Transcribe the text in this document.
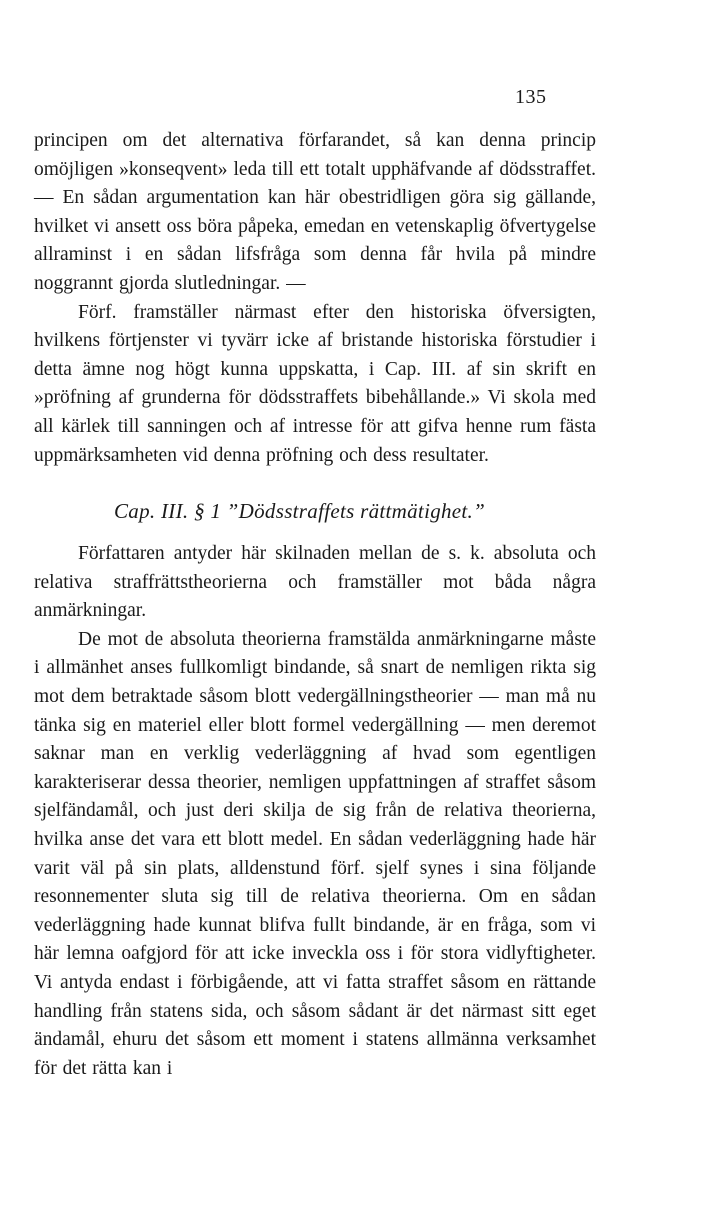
135

principen om det alternativa förfarandet, så kan denna princip omöjligen »konseqvent» leda till ett totalt upphäfvande af dödsstraffet. — En sådan argumentation kan här obestridligen göra sig gällande, hvilket vi ansett oss böra påpeka, emedan en vetenskaplig öfvertygelse allraminst i en sådan lifsfråga som denna får hvila på mindre noggrannt gjorda slutledningar. —

Förf. framställer närmast efter den historiska öfversigten, hvilkens förtjenster vi tyvärr icke af bristande historiska förstudier i detta ämne nog högt kunna uppskatta, i Cap. III. af sin skrift en »pröfning af grunderna för dödsstraffets bibehållande.» Vi skola med all kärlek till sanningen och af intresse för att gifva henne rum fästa uppmärksamheten vid denna pröfning och dess resultater.

Cap. III. § 1 ”Dödsstraffets rättmätighet.”

Författaren antyder här skilnaden mellan de s. k. absoluta och relativa straffrättstheorierna och framställer mot båda några anmärkningar.

De mot de absoluta theorierna framstälda anmärkningarne måste i allmänhet anses fullkomligt bindande, så snart de nemligen rikta sig mot dem betraktade såsom blott vedergällningstheorier — man må nu tänka sig en materiel eller blott formel vedergällning — men deremot saknar man en verklig vederläggning af hvad som egentligen karakteriserar dessa theorier, nemligen uppfattningen af straffet såsom sjelfändamål, och just deri skilja de sig från de relativa theorierna, hvilka anse det vara ett blott medel. En sådan vederläggning hade här varit väl på sin plats, alldenstund förf. sjelf synes i sina följande resonnementer sluta sig till de relativa theorierna. Om en sådan vederläggning hade kunnat blifva fullt bindande, är en fråga, som vi här lemna oafgjord för att icke inveckla oss i för stora vidlyftigheter. Vi antyda endast i förbigående, att vi fatta straffet såsom en rättande handling från statens sida, och såsom sådant är det närmast sitt eget ändamål, ehuru det såsom ett moment i statens allmänna verksamhet för det rätta kan i
